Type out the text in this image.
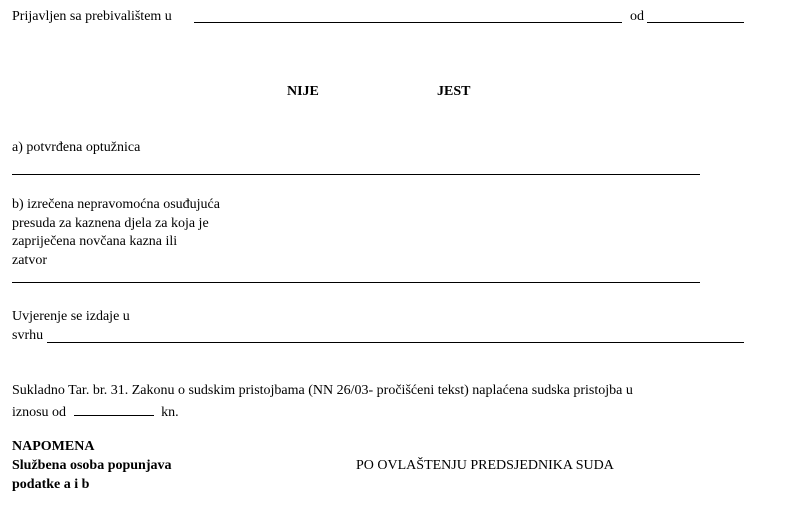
Prijavljen sa prebivalištem u	od
NIJE	JEST
a) potvrđena optužnica
b) izrečena nepravomoćna osuđujuća
presuda za kaznena djela za koja je
zapriječena novčana kazna ili
zatvor
Uvjerenje se izdaje u
svrhu
Sukladno Tar. br. 31. Zakonu o sudskim pristojbama (NN 26/03- pročišćeni tekst) naplaćena sudska pristojba u
iznosu od	kn.
NAPOMENA
Službena osoba popunjava
podatke a i b
PO OVLAŠTENJU PREDSJEDNIKA SUDA
